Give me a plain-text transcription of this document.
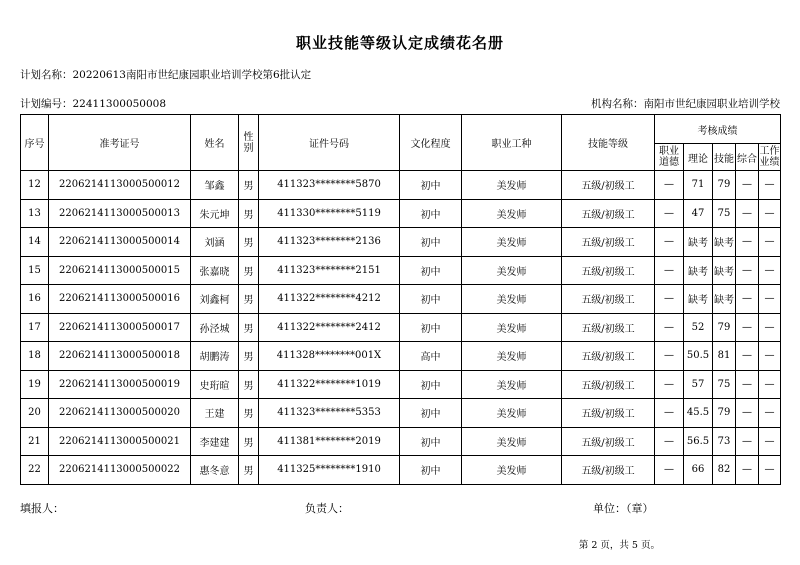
职业技能等级认定成绩花名册
计划名称：20220613南阳市世纪康园职业培训学校第6批认定
计划编号：22411300050008	机构名称：南阳市世纪康园职业培训学校
序号	准考证号	姓名	性别	证件号码	文化程度	职业工种	技能等级	考核成绩				
								职业道德	理论	技能	综合	工作业绩
12	2206214113000500012	邹鑫	男	411323********5870	初中	美发师	五级/初级工	—	71	79	—	—
13	2206214113000500013	朱元坤	男	411330********5119	初中	美发师	五级/初级工	—	47	75	—	—
14	2206214113000500014	刘涵	男	411323********2136	初中	美发师	五级/初级工	—	缺考	缺考	—	—
15	2206214113000500015	张嘉晓	男	411323********2151	初中	美发师	五级/初级工	—	缺考	缺考	—	—
16	2206214113000500016	刘鑫柯	男	411322********4212	初中	美发师	五级/初级工	—	缺考	缺考	—	—
17	2206214113000500017	孙泾城	男	411322********2412	初中	美发师	五级/初级工	—	52	79	—	—
18	2206214113000500018	胡鹏涛	男	411328********001X	高中	美发师	五级/初级工	—	50.5	81	—	—
19	2206214113000500019	史珩暄	男	411322********1019	初中	美发师	五级/初级工	—	57	75	—	—
20	2206214113000500020	王建	男	411323********5353	初中	美发师	五级/初级工	—	45.5	79	—	—
21	2206214113000500021	李建建	男	411381********2019	初中	美发师	五级/初级工	—	56.5	73	—	—
22	2206214113000500022	惠冬意	男	411325********1910	初中	美发师	五级/初级工	—	66	82	—	—
填报人：	负责人：	单位：（章）
第 2 页，共 5 页。
